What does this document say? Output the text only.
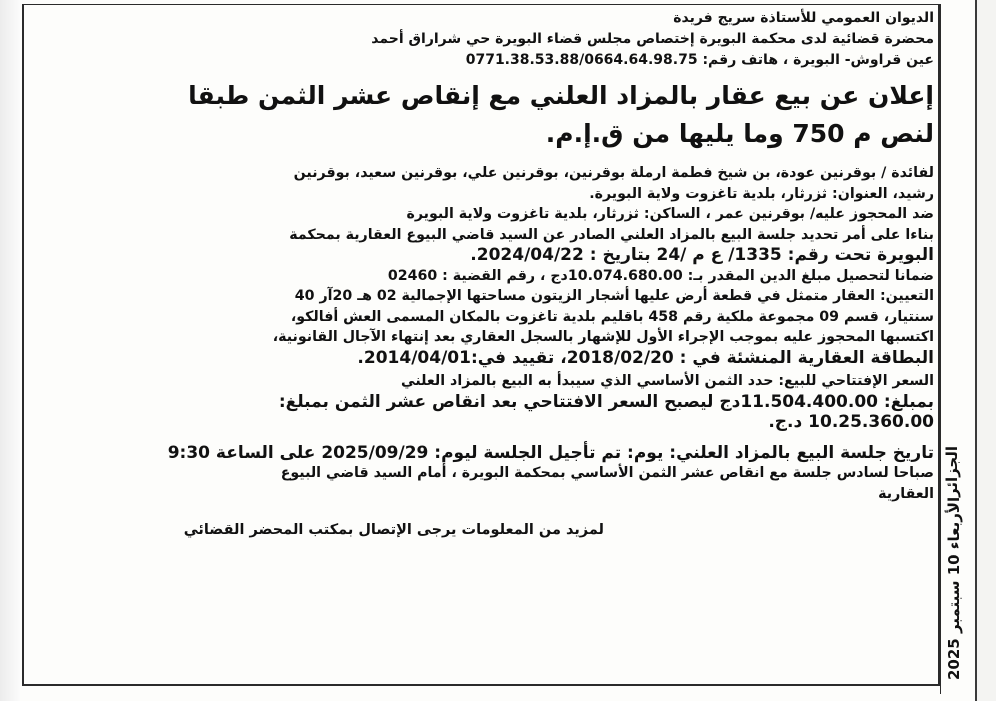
الجزائر
الأربعاء 10 سبتمبر 2025
الديوان العمومي للأستاذة سريج فريدة
محضرة قضائية لدى محكمة البويرة إختصاص مجلس قضاء البويرة حي شراراق أحمد
عين قراوش- البويرة ، هاتف رقم: 0771.38.53.88/0664.64.98.75
إعلان عن بيع عقار بالمزاد العلني مع إنقاص عشر الثمن طبقا
لنص م 750 وما يليها من ق.إ.م.
لفائدة / بوقرنين عودة، بن شيخ فطمة ارملة بوقرنين، بوقرنين علي، بوقرنين سعيد، بوقرنين
رشيد، العنوان: ثزرثار، بلدية تاغزوت ولاية البويرة.
ضد المحجوز عليه/ بوقرنين عمر ، الساكن: ثزرثار، بلدية تاغزوت ولاية البويرة
بناءا على أمر تحديد جلسة البيع بالمزاد العلني الصادر عن السيد قاضي البيوع العقارية بمحكمة
البويرة تحت رقم: 1335/ ع م /24 بتاريخ : 2024/04/22.
ضمانا لتحصيل مبلغ الدين المقدر بـ: 10.074.680.00دج ، رقم القضية : 02460
التعيين: العقار متمثل في قطعة أرض عليها أشجار الزيتون مساحتها الإجمالية 02 هـ 20آر 40
سنتيار، قسم 09 مجموعة ملكية رقم 458 باقليم بلدية تاغزوت بالمكان المسمى العش أفالكو،
اكتسبها المحجوز عليه بموجب الإجراء الأول للإشهار بالسجل العقاري بعد إنتهاء الآجال القانونية،
البطاقة العقارية المنشئة في : 2018/02/20، تقييد في:2014/04/01.
السعر الإفتتاحي للبيع: حدد الثمن الأساسي الذي سيبدأ به البيع بالمزاد العلني
بمبلغ: 11.504.400.00دج ليصبح السعر الافتتاحي بعد انقاص عشر الثمن بمبلغ:
10.25.360.00 د.ج.
تاريخ جلسة البيع بالمزاد العلني: يوم: تم تأجيل الجلسة ليوم: 2025/09/29 على الساعة 9:30
صباحا لسادس جلسة مع انقاص عشر الثمن الأساسي بمحكمة البويرة ، أمام السيد قاضي البيوع
العقارية
لمزيد من المعلومات يرجى الإتصال بمكتب المحضر القضائي
